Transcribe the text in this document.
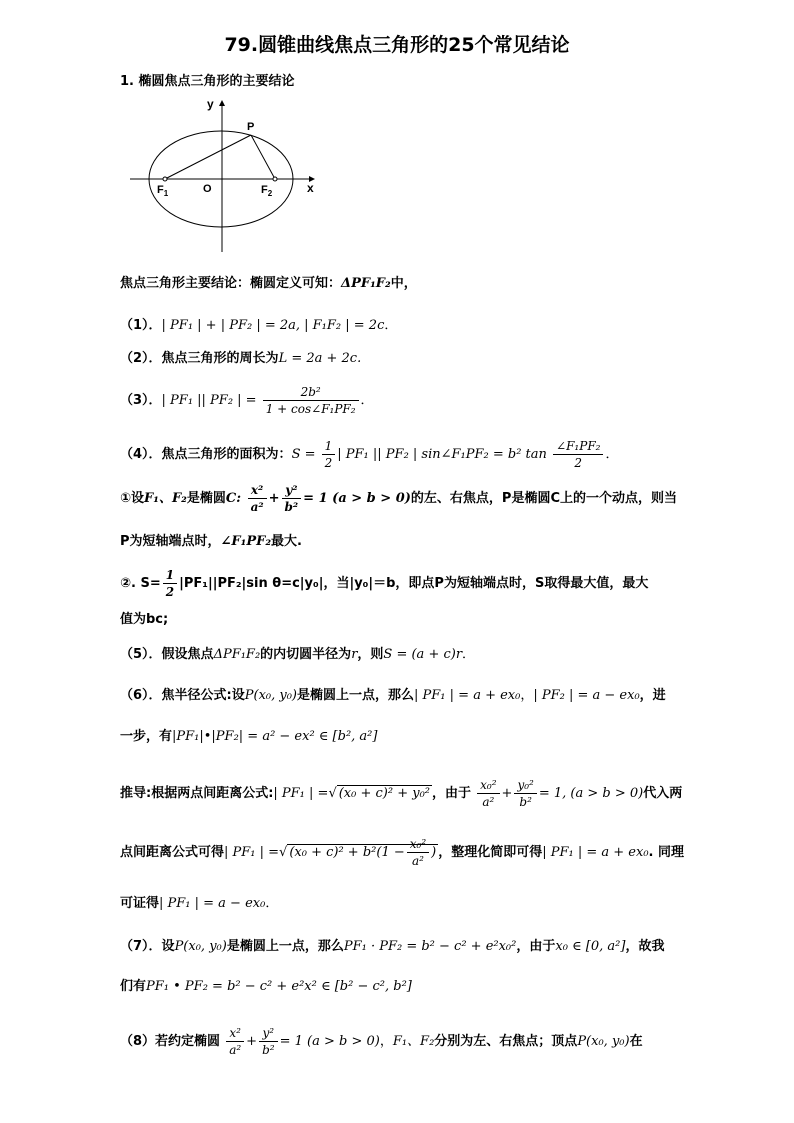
79.圆锥曲线焦点三角形的25个常见结论
1. 椭圆焦点三角形的主要结论
y
x
O
P
$F_1$	$F_2$
焦点三角形主要结论：椭圆定义可知：ΔPF₁F₂中，
（1）．| PF₁ | + | PF₂ | = 2a, | F₁F₂ | = 2c．
（2）．焦点三角形的周长为L = 2a + 2c.
（3）．| PF₁ || PF₂ | = $\frac{\text{2b²}}{\text{1 + cos∠F₁PF₂}}$ ．
（4）．焦点三角形的面积为：$S = \frac{1}{2}$ | PF₁ || PF₂ | sin∠F₁PF₂ = b² $\tan \frac{\text{∠F₁PF₂}}{2}$ ．
①设F₁、F₂是椭圆C: $\frac{\text{x²}}{\text{a²}} + \frac{\text{y²}}{\text{b²}} = 1$ (a > b > 0)的左、右焦点，P是椭圆C上的一个动点，则当
P为短轴端点时，∠F₁PF₂最大.
②. $S= \frac{1}{2} |PF_1||PF_2|\sin$ θ=c|y₀|，当|y₀|＝b，即点P为短轴端点时，S取得最大值，最大
值为bc;
（5）．假设焦点ΔPF₁F₂的内切圆半径为r，则S = (a + c)r．
（6）．焦半径公式:设P(x₀, y₀)是椭圆上一点，那么| PF₁ | = a + ex₀，| PF₂ | = a − ex₀，进
一步，有|PF₁|•|PF₂| = a² − ex² ∈ [b², a²]
推导:根据两点间距离公式:| PF₁ | =√ (x₀ + c)² + y₀² ，由于 $\frac{\text{x₀²}}{\text{a²}} + \frac{\text{y₀²}}{\text{b²}} = 1$, (a > b > 0)代入两
点间距离公式可得| PF₁ | =√ $(x_0 + c)^2 + b^2(1 - \frac{\text{x₀²}}{\text{a²}}$ ) ，整理化简即可得| PF₁ | = a + ex₀. 同理
可证得| PF₁ | = a − ex₀．
（7）．设P(x₀, y₀)是椭圆上一点，那么PF₁ · PF₂ = b² − c² + e²x₀²，由于x₀ ∈ [0, a²]，故我
们有PF₁ • PF₂ = b² − c² + e²x² ∈ [b² − c², b²]
（8）若约定椭圆 $\frac{\text{x²}}{\text{a²}} + \frac{\text{y²}}{\text{b²}} = 1$ (a > b > 0)，F₁、F₂分别为左、右焦点；顶点P(x₀, y₀)在
